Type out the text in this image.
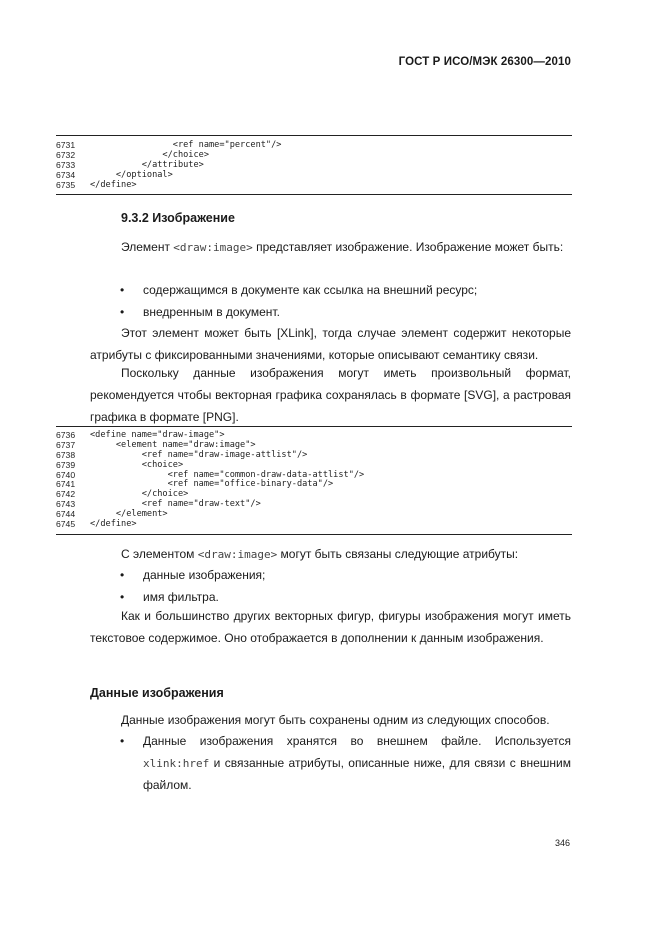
ГОСТ Р ИСО/МЭК 26300—2010
6731	<ref name="percent"/>
6732	</choice>
6733	</attribute>
6734	</optional>
6735	</define>
9.3.2 Изображение
Элемент <draw:image> представляет изображение. Изображение может быть:
• содержащимся в документе как ссылка на внешний ресурс;
• внедренным в документ.
Этот элемент может быть [XLink], тогда случае элемент содержит некоторые атрибуты с фиксированными значениями, которые описывают семантику связи.
Поскольку данные изображения могут иметь произвольный формат, рекомендуется чтобы векторная графика сохранялась в формате [SVG], а растровая графика в формате [PNG].
6736	<define name="draw-image">
6737	<element name="draw:image">
6738	<ref name="draw-image-attlist"/>
6739	<choice>
6740	<ref name="common-draw-data-attlist"/>
6741	<ref name="office-binary-data"/>
6742	</choice>
6743	<ref name="draw-text"/>
6744	</element>
6745	</define>
С элементом <draw:image> могут быть связаны следующие атрибуты:
• данные изображения;
• имя фильтра.
Как и большинство других векторных фигур, фигуры изображения могут иметь текстовое содержимое. Оно отображается в дополнении к данным изображения.
Данные изображения
Данные изображения могут быть сохранены одним из следующих способов.
• Данные изображения хранятся во внешнем файле. Используется xlink:href и связанные атрибуты, описанные ниже, для связи с внешним файлом.
346
